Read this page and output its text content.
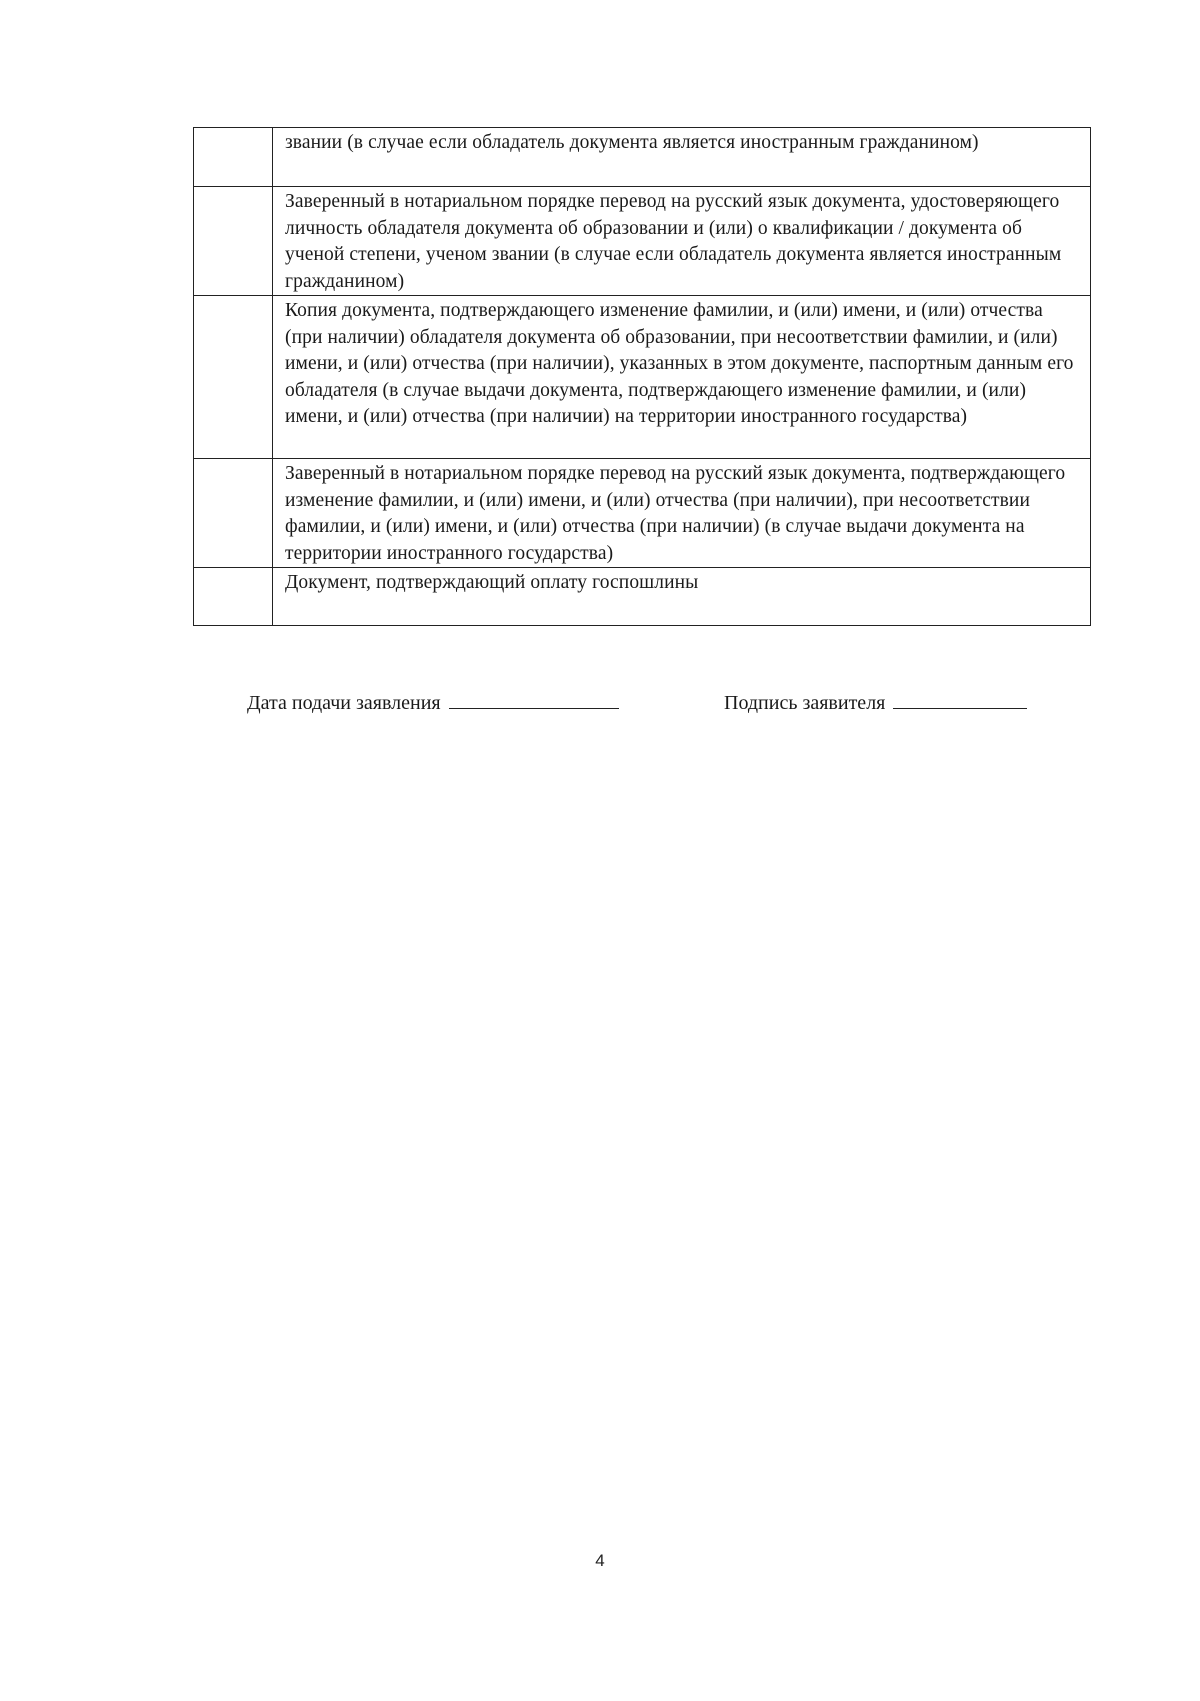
	звании (в случае если обладатель документа является иностранным гражданином)
	Заверенный в нотариальном порядке перевод на русский язык документа, удостоверяющего личность обладателя документа об образовании и (или) о квалификации / документа об ученой степени, ученом звании (в случае если обладатель документа является иностранным гражданином)
	Копия документа, подтверждающего изменение фамилии, и (или) имени, и (или) отчества (при наличии) обладателя документа об образовании, при несоответствии фамилии, и (или) имени, и (или) отчества (при наличии), указанных в этом документе, паспортным данным его обладателя (в случае выдачи документа, подтверждающего изменение фамилии, и (или) имени, и (или) отчества (при наличии) на территории иностранного государства)
	Заверенный в нотариальном порядке перевод на русский язык документа, подтверждающего изменение фамилии, и (или) имени, и (или) отчества (при наличии), при несоответствии фамилии, и (или) имени, и (или) отчества (при наличии) (в случае выдачи документа на территории иностранного государства)
	Документ, подтверждающий оплату госпошлины
Дата подачи заявления	Подпись заявителя
4
